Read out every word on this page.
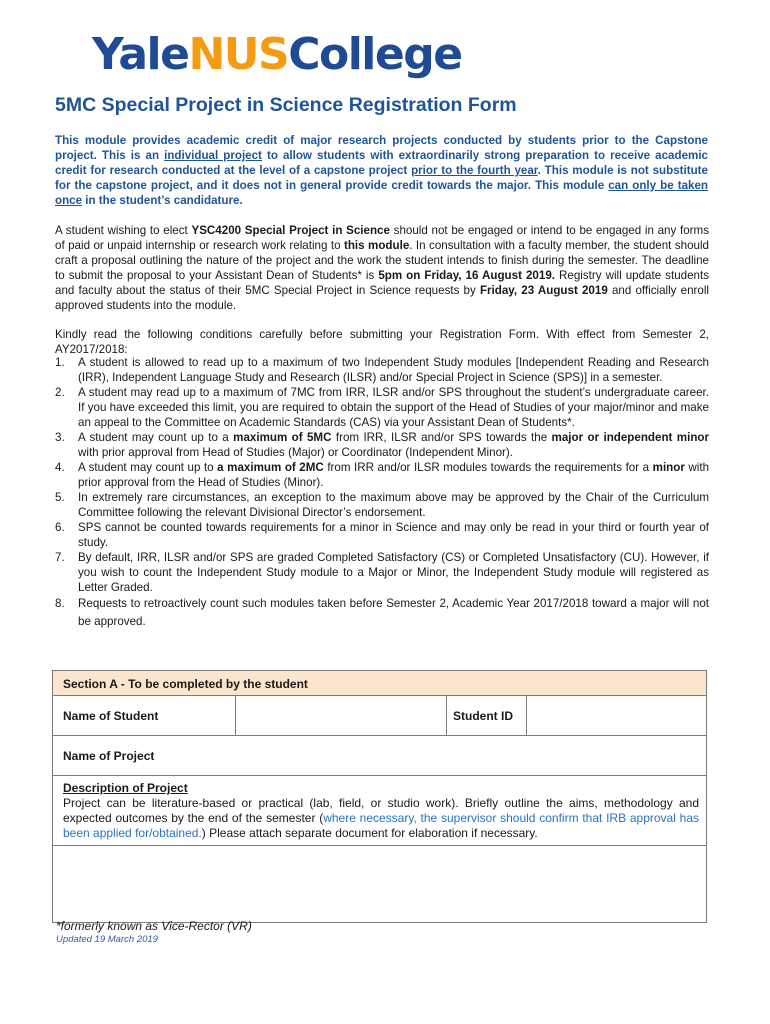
YaleNUSCollege
5MC Special Project in Science Registration Form
This module provides academic credit of major research projects conducted by students prior to the Capstone project. This is an individual project to allow students with extraordinarily strong preparation to receive academic credit for research conducted at the level of a capstone project prior to the fourth year. This module is not substitute for the capstone project, and it does not in general provide credit towards the major. This module can only be taken once in the student’s candidature.
A student wishing to elect YSC4200 Special Project in Science should not be engaged or intend to be engaged in any forms of paid or unpaid internship or research work relating to this module. In consultation with a faculty member, the student should craft a proposal outlining the nature of the project and the work the student intends to finish during the semester. The deadline to submit the proposal to your Assistant Dean of Students* is 5pm on Friday, 16 August 2019. Registry will update students and faculty about the status of their 5MC Special Project in Science requests by Friday, 23 August 2019 and officially enroll approved students into the module.
Kindly read the following conditions carefully before submitting your Registration Form. With effect from Semester 2, AY2017/2018:
1. A student is allowed to read up to a maximum of two Independent Study modules [Independent Reading and Research (IRR), Independent Language Study and Research (ILSR) and/or Special Project in Science (SPS)] in a semester.
2. A student may read up to a maximum of 7MC from IRR, ILSR and/or SPS throughout the student’s undergraduate career. If you have exceeded this limit, you are required to obtain the support of the Head of Studies of your major/minor and make an appeal to the Committee on Academic Standards (CAS) via your Assistant Dean of Students*.
3. A student may count up to a maximum of 5MC from IRR, ILSR and/or SPS towards the major or independent minor with prior approval from Head of Studies (Major) or Coordinator (Independent Minor).
4. A student may count up to a maximum of 2MC from IRR and/or ILSR modules towards the requirements for a minor with prior approval from the Head of Studies (Minor).
5. In extremely rare circumstances, an exception to the maximum above may be approved by the Chair of the Curriculum Committee following the relevant Divisional Director’s endorsement.
6. SPS cannot be counted towards requirements for a minor in Science and may only be read in your third or fourth year of study.
7. By default, IRR, ILSR and/or SPS are graded Completed Satisfactory (CS) or Completed Unsatisfactory (CU). However, if you wish to count the Independent Study module to a Major or Minor, the Independent Study module will registered as Letter Graded.
8. Requests to retroactively count such modules taken before Semester 2, Academic Year 2017/2018 toward a major will not be approved.
Section A - To be completed by the student
Name of Student	Student ID
Name of Project
Description of Project
Project can be literature-based or practical (lab, field, or studio work). Briefly outline the aims, methodology and expected outcomes by the end of the semester (where necessary, the supervisor should confirm that IRB approval has been applied for/obtained.) Please attach separate document for elaboration if necessary.
*formerly known as Vice-Rector (VR)
Updated 19 March 2019
